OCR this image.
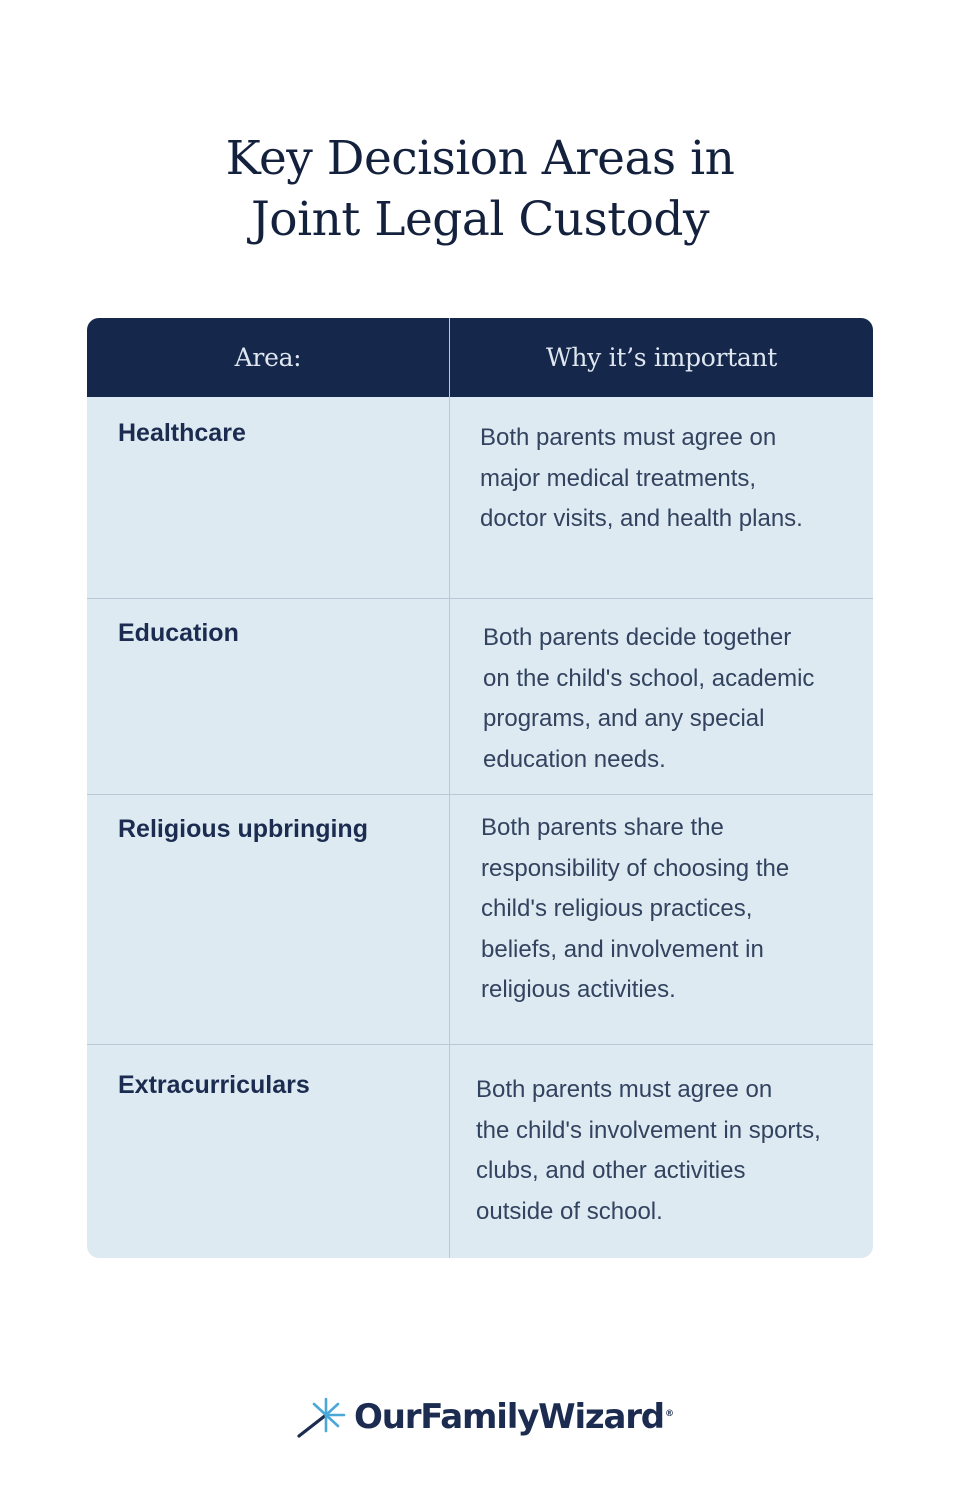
Key Decision Areas in
Joint Legal Custody
Area:	Why it’s important

Healthcare	Both parents must agree on
major medical treatments,
doctor visits, and health plans.

Education	Both parents decide together
on the child's school, academic
programs, and any special
education needs.

Religious upbringing	Both parents share the
responsibility of choosing the
child's religious practices,
beliefs, and involvement in
religious activities.

Extracurriculars	Both parents must agree on
the child's involvement in sports,
clubs, and other activities
outside of school.

OurFamilyWizard®
